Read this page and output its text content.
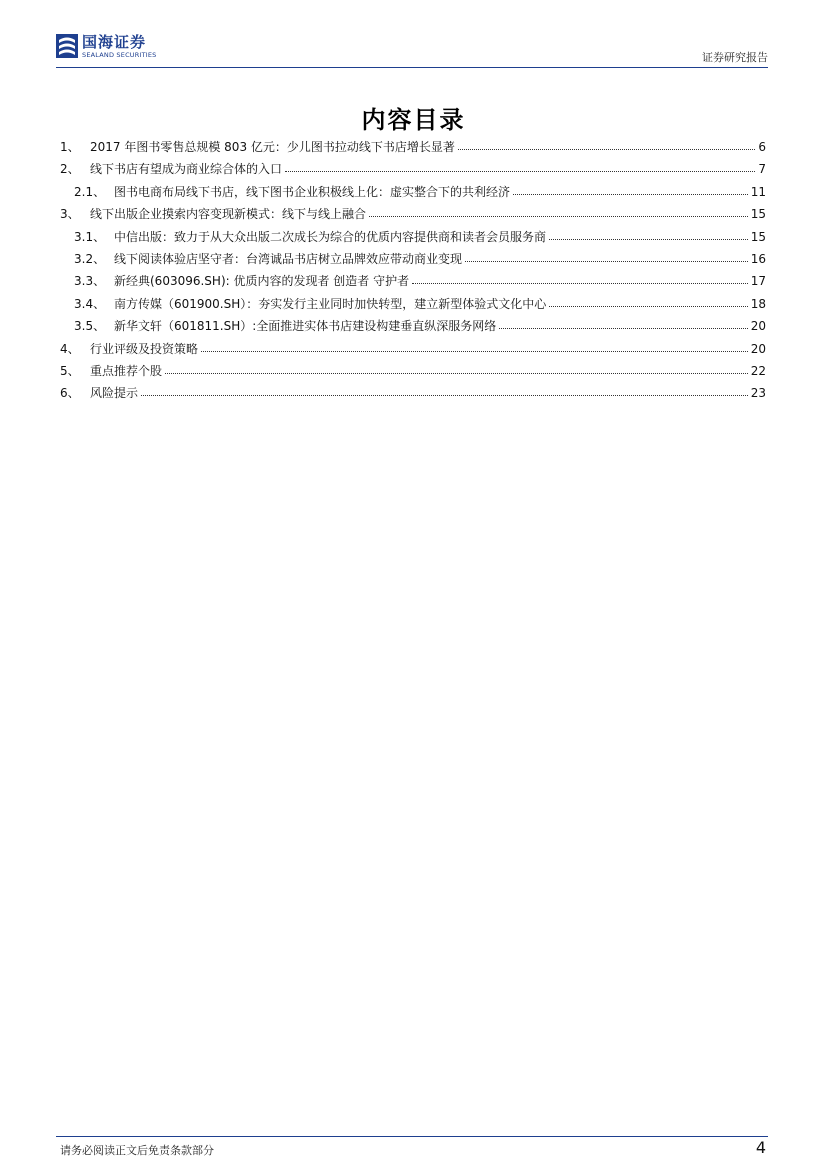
国海证券
SEALAND SECURITIES	证券研究报告
内容目录
1、 2017 年图书零售总规模 803 亿元：少儿图书拉动线下书店增长显著	6
2、 线下书店有望成为商业综合体的入口	7
2.1、 图书电商布局线下书店，线下图书企业积极线上化：虚实整合下的共利经济	11
3、 线下出版企业摸索内容变现新模式：线下与线上融合	15
3.1、 中信出版：致力于从大众出版二次成长为综合的优质内容提供商和读者会员服务商	15
3.2、 线下阅读体验店坚守者：台湾诚品书店树立品牌效应带动商业变现	16
3.3、 新经典(603096.SH): 优质内容的发现者 创造者 守护者	17
3.4、 南方传媒（601900.SH）：夯实发行主业同时加快转型，建立新型体验式文化中心	18
3.5、 新华文轩（601811.SH）:全面推进实体书店建设构建垂直纵深服务网络	20
4、 行业评级及投资策略	20
5、 重点推荐个股	22
6、 风险提示	23
请务必阅读正文后免责条款部分	4
